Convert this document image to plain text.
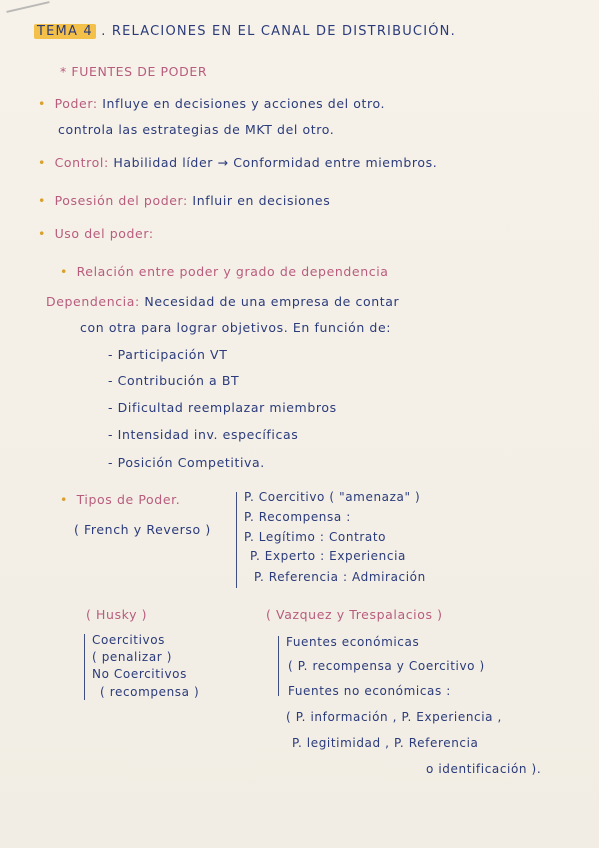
TEMA 4 . RELACIONES EN EL CANAL DE DISTRIBUCIÓN.
* FUENTES DE PODER
• Poder: Influye en decisiones y acciones del otro.
controla las estrategias de MKT del otro.
• Control: Habilidad líder → Conformidad entre miembros.
• Posesión del poder: Influir en decisiones
• Uso del poder:
• Relación entre poder y grado de dependencia
Dependencia: Necesidad de una empresa de contar
con otra para lograr objetivos. En función de:
- Participación VT
- Contribución a BT
- Dificultad reemplazar miembros
- Intensidad inv. específicas
- Posición Competitiva.
• Tipos de Poder.
( French y Reverso )
P. Coercitivo ( "amenaza" )
P. Recompensa :
P. Legítimo : Contrato
P. Experto : Experiencia
P. Referencia : Admiración
( Husky )
Coercitivos
( penalizar )
No Coercitivos
( recompensa )
( Vazquez y Trespalacios )
Fuentes económicas
( P. recompensa y Coercitivo )
Fuentes no económicas :
( P. información , P. Experiencia ,
P. legitimidad , P. Referencia
o identificación ).
